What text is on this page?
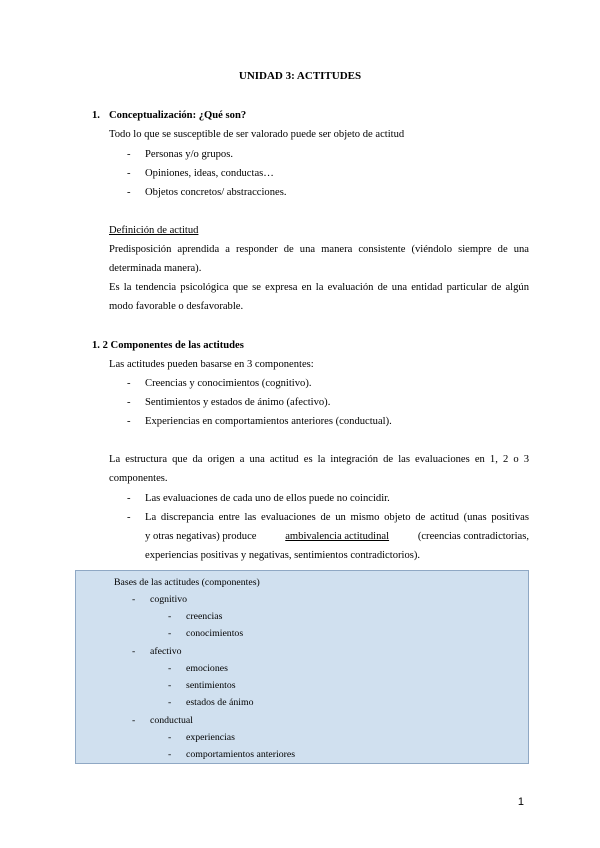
UNIDAD 3: ACTITUDES
1. Conceptualización: ¿Qué son?
Todo lo que se susceptible de ser valorado puede ser objeto de actitud
- Personas y/o grupos.
- Opiniones, ideas, conductas…
- Objetos concretos/ abstracciones.
Definición de actitud
Predisposición aprendida a responder de una manera consistente (viéndolo siempre de una
determinada manera).
Es la tendencia psicológica que se expresa en la evaluación de una entidad particular de algún
modo favorable o desfavorable.
1. 2 Componentes de las actitudes
Las actitudes pueden basarse en 3 componentes:
- Creencias y conocimientos (cognitivo).
- Sentimientos y estados de ánimo (afectivo).
- Experiencias en comportamientos anteriores (conductual).
La estructura que da origen a una actitud es la integración de las evaluaciones en 1, 2 o 3
componentes.
- Las evaluaciones de cada uno de ellos puede no coincidir.
- La discrepancia entre las evaluaciones de un mismo objeto de actitud (unas positivas
y otras negativas) produce	ambivalencia actitudinal	(creencias contradictorias,
experiencias positivas y negativas, sentimientos contradictorios).
Bases de las actitudes (componentes)
- cognitivo
- creencias
- conocimientos
- afectivo
- emociones
- sentimientos
- estados de ánimo
- conductual
- experiencias
- comportamientos anteriores
1
